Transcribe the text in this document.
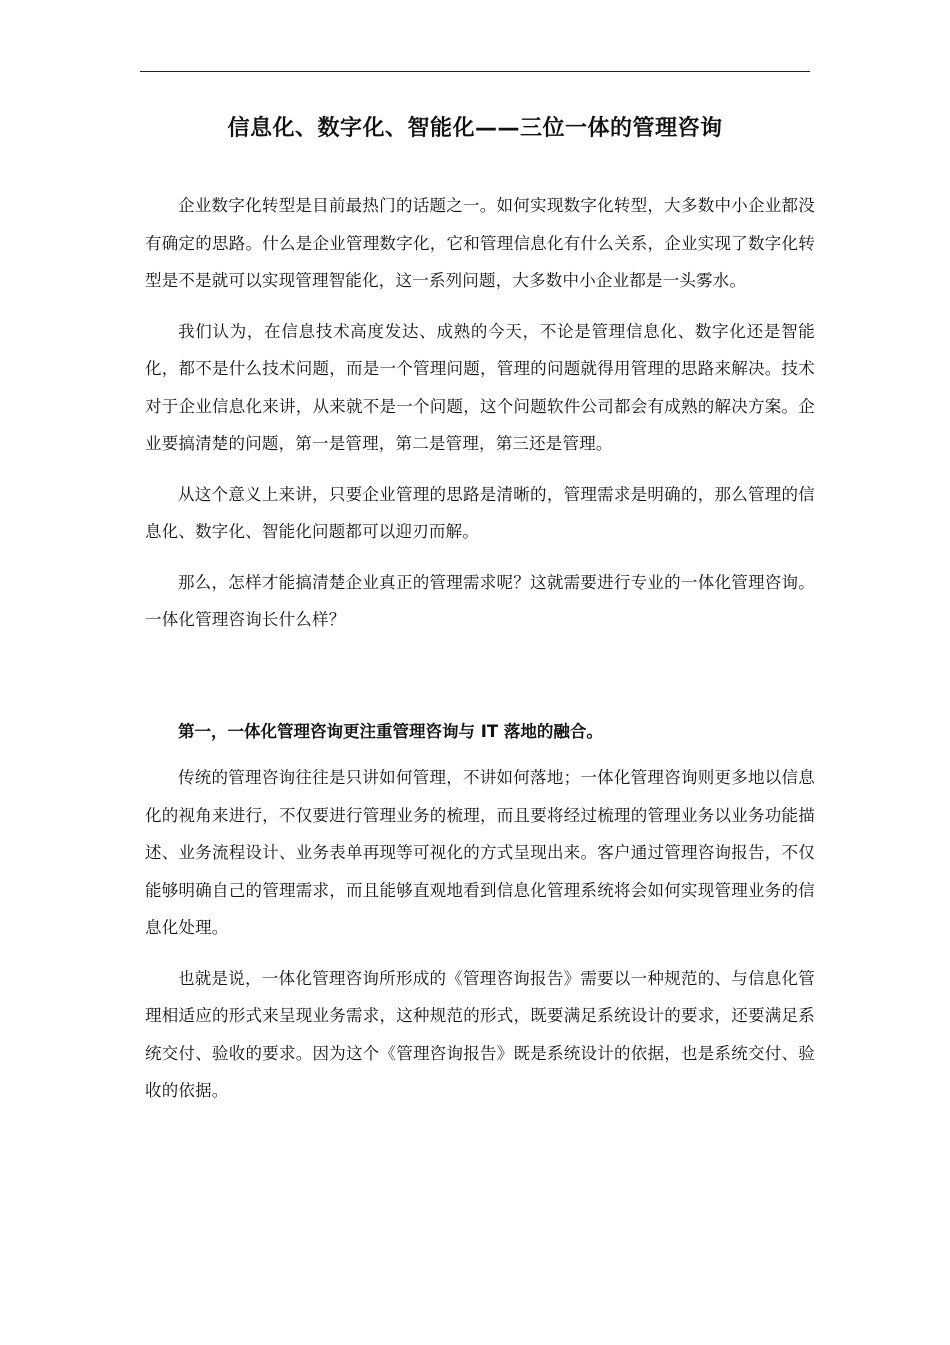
信息化、数字化、智能化——三位一体的管理咨询

企业数字化转型是目前最热门的话题之一。如何实现数字化转型，大多数中小企业都没有确定的思路。什么是企业管理数字化，它和管理信息化有什么关系，企业实现了数字化转型是不是就可以实现管理智能化，这一系列问题，大多数中小企业都是一头雾水。

我们认为，在信息技术高度发达、成熟的今天，不论是管理信息化、数字化还是智能化，都不是什么技术问题，而是一个管理问题，管理的问题就得用管理的思路来解决。技术对于企业信息化来讲，从来就不是一个问题，这个问题软件公司都会有成熟的解决方案。企业要搞清楚的问题，第一是管理，第二是管理，第三还是管理。

从这个意义上来讲，只要企业管理的思路是清晰的，管理需求是明确的，那么管理的信息化、数字化、智能化问题都可以迎刃而解。

那么，怎样才能搞清楚企业真正的管理需求呢？这就需要进行专业的一体化管理咨询。一体化管理咨询长什么样？

第一，一体化管理咨询更注重管理咨询与 IT 落地的融合。

传统的管理咨询往往是只讲如何管理，不讲如何落地；一体化管理咨询则更多地以信息化的视角来进行，不仅要进行管理业务的梳理，而且要将经过梳理的管理业务以业务功能描述、业务流程设计、业务表单再现等可视化的方式呈现出来。客户通过管理咨询报告，不仅能够明确自己的管理需求，而且能够直观地看到信息化管理系统将会如何实现管理业务的信息化处理。

也就是说，一体化管理咨询所形成的《管理咨询报告》需要以一种规范的、与信息化管理相适应的形式来呈现业务需求，这种规范的形式，既要满足系统设计的要求，还要满足系统交付、验收的要求。因为这个《管理咨询报告》既是系统设计的依据，也是系统交付、验收的依据。
